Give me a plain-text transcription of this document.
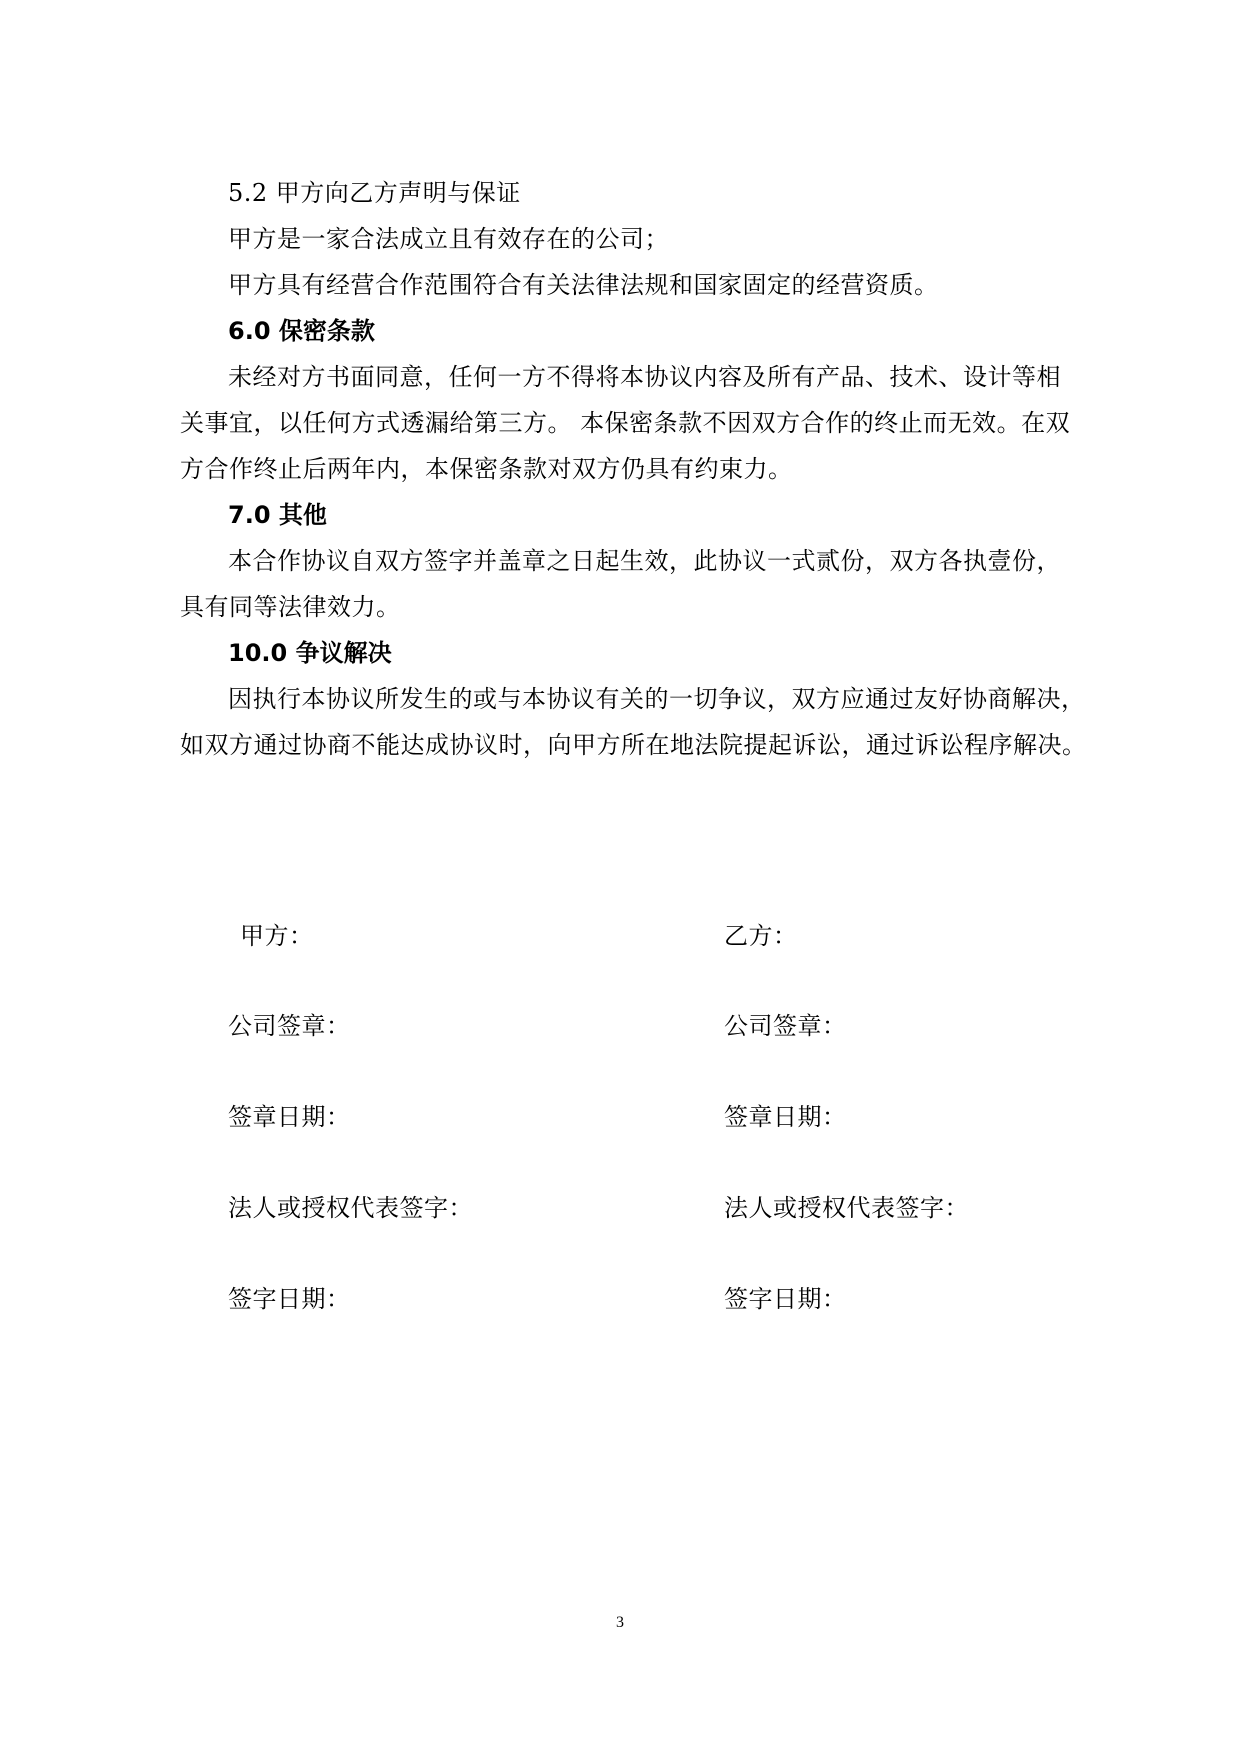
5.2 甲方向乙方声明与保证
甲方是一家合法成立且有效存在的公司；
甲方具有经营合作范围符合有关法律法规和国家固定的经营资质。
6.0 保密条款
未经对方书面同意，任何一方不得将本协议内容及所有产品、技术、设计等相
关事宜，以任何方式透漏给第三方。 本保密条款不因双方合作的终止而无效。在双
方合作终止后两年内，本保密条款对双方仍具有约束力。
7.0 其他
本合作协议自双方签字并盖章之日起生效，此协议一式贰份，双方各执壹份，
具有同等法律效力。
10.0 争议解决
因执行本协议所发生的或与本协议有关的一切争议，双方应通过友好协商解决，
如双方通过协商不能达成协议时，向甲方所在地法院提起诉讼，通过诉讼程序解决。
甲方：
公司签章：
签章日期：
法人或授权代表签字：
签字日期：
乙方：
公司签章：
签章日期：
法人或授权代表签字：
签字日期：
3
